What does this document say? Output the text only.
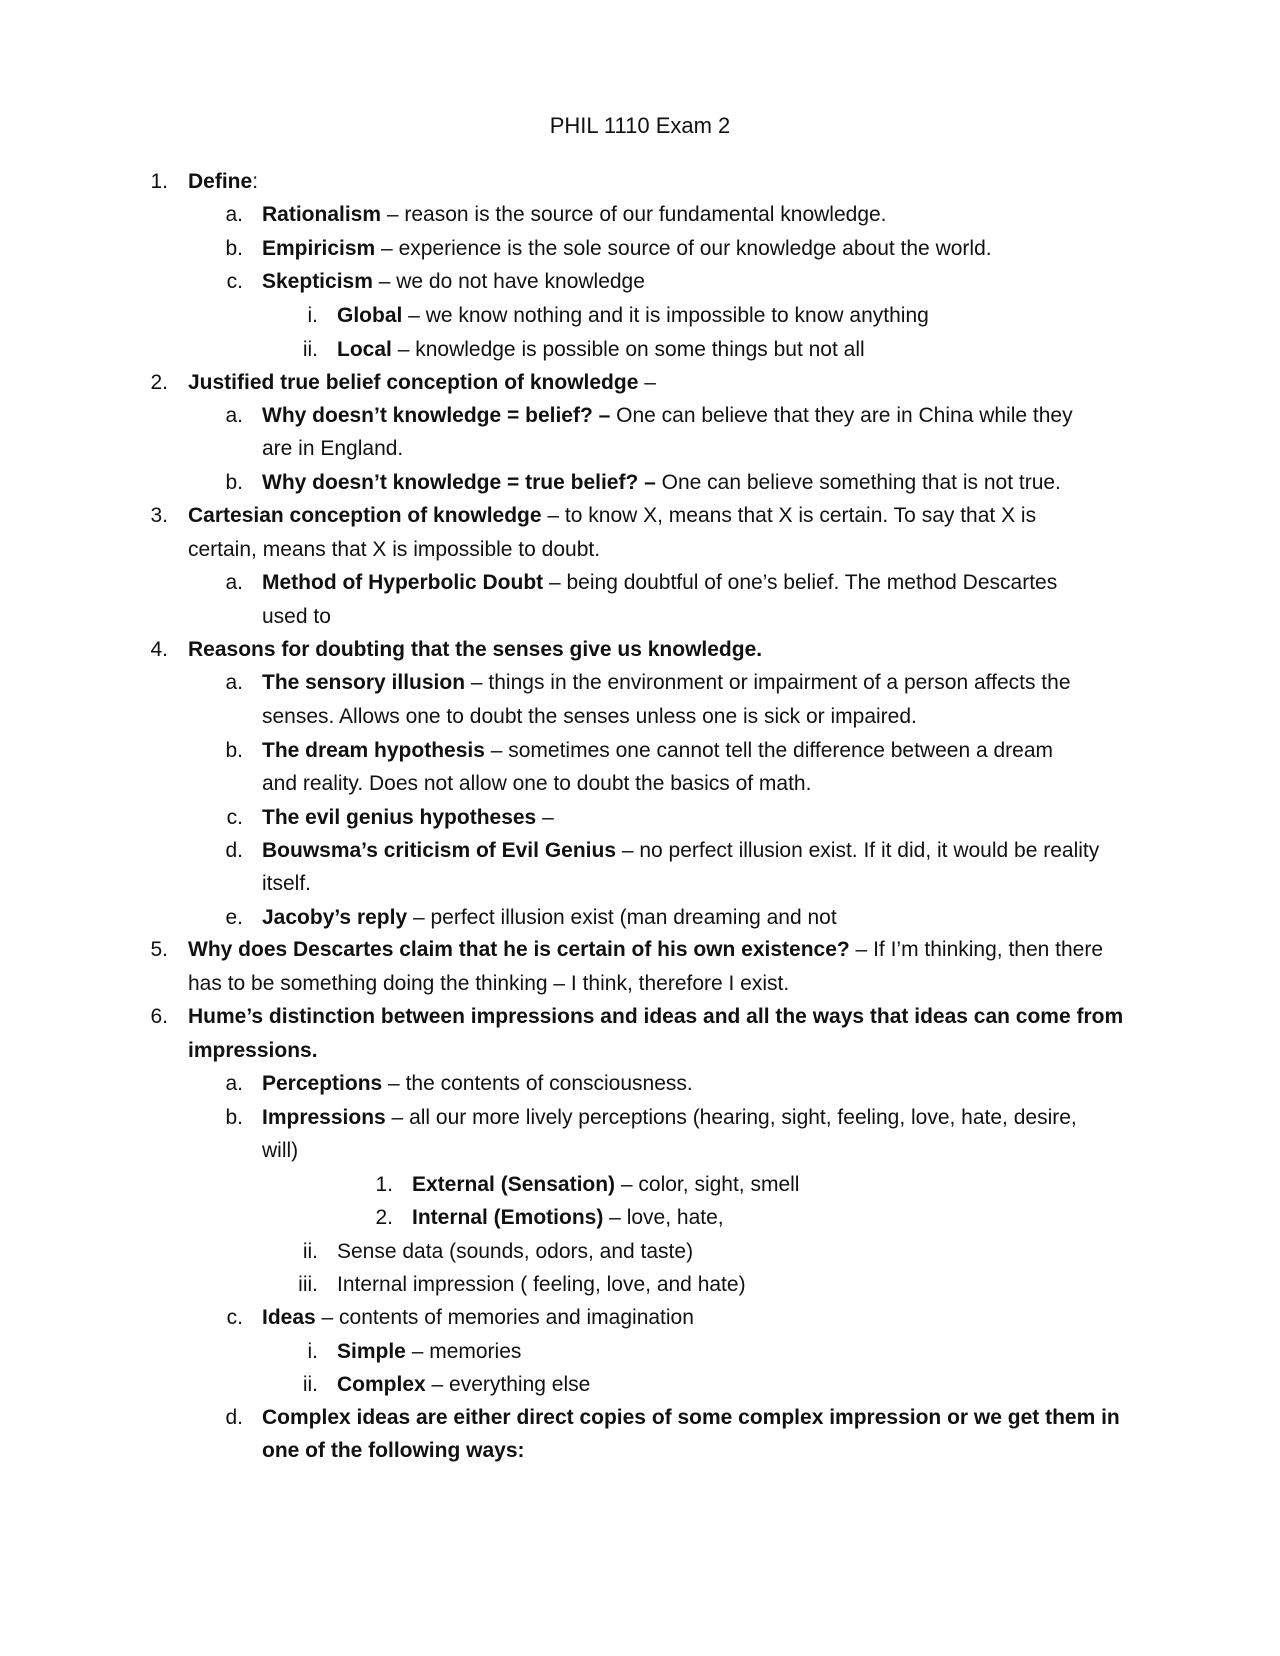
PHIL 1110 Exam 2
1. Define:
a. Rationalism – reason is the source of our fundamental knowledge.
b. Empiricism – experience is the sole source of our knowledge about the world.
c. Skepticism – we do not have knowledge
i. Global – we know nothing and it is impossible to know anything
ii. Local – knowledge is possible on some things but not all
2. Justified true belief conception of knowledge –
a. Why doesn’t knowledge = belief? – One can believe that they are in China while they
are in England.
b. Why doesn’t knowledge = true belief? – One can believe something that is not true.
3. Cartesian conception of knowledge – to know X, means that X is certain. To say that X is
certain, means that X is impossible to doubt.
a. Method of Hyperbolic Doubt – being doubtful of one’s belief. The method Descartes
used to
4. Reasons for doubting that the senses give us knowledge.
a. The sensory illusion – things in the environment or impairment of a person affects the
senses. Allows one to doubt the senses unless one is sick or impaired.
b. The dream hypothesis – sometimes one cannot tell the difference between a dream
and reality. Does not allow one to doubt the basics of math.
c. The evil genius hypotheses –
d. Bouwsma’s criticism of Evil Genius – no perfect illusion exist. If it did, it would be reality
itself.
e. Jacoby’s reply – perfect illusion exist (man dreaming and not
5. Why does Descartes claim that he is certain of his own existence? – If I’m thinking, then there
has to be something doing the thinking – I think, therefore I exist.
6. Hume’s distinction between impressions and ideas and all the ways that ideas can come from
impressions.
a. Perceptions – the contents of consciousness.
b. Impressions – all our more lively perceptions (hearing, sight, feeling, love, hate, desire,
will)
1. External (Sensation) – color, sight, smell
2. Internal (Emotions) – love, hate,
ii. Sense data (sounds, odors, and taste)
iii. Internal impression ( feeling, love, and hate)
c. Ideas – contents of memories and imagination
i. Simple – memories
ii. Complex – everything else
d. Complex ideas are either direct copies of some complex impression or we get them in
one of the following ways:
